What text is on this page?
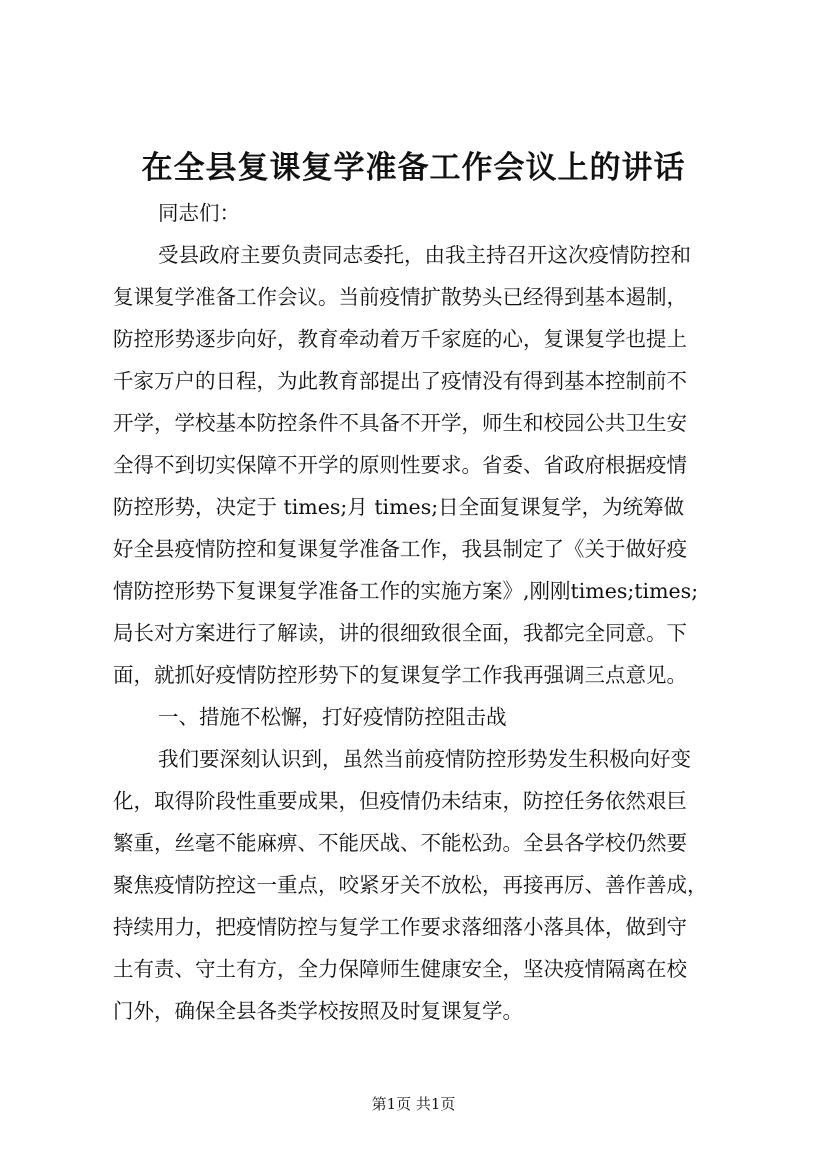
在全县复课复学准备工作会议上的讲话
同志们：
受县政府主要负责同志委托，由我主持召开这次疫情防控和
复课复学准备工作会议。当前疫情扩散势头已经得到基本遏制，
防控形势逐步向好，教育牵动着万千家庭的心，复课复学也提上
千家万户的日程，为此教育部提出了疫情没有得到基本控制前不
开学，学校基本防控条件不具备不开学，师生和校园公共卫生安
全得不到切实保障不开学的原则性要求。省委、省政府根据疫情
防控形势，决定于 times;月 times;日全面复课复学，为统筹做
好全县疫情防控和复课复学准备工作，我县制定了《关于做好疫
情防控形势下复课复学准备工作的实施方案》,刚刚times;times;
局长对方案进行了解读，讲的很细致很全面，我都完全同意。下
面，就抓好疫情防控形势下的复课复学工作我再强调三点意见。
一、措施不松懈，打好疫情防控阻击战
我们要深刻认识到，虽然当前疫情防控形势发生积极向好变
化，取得阶段性重要成果，但疫情仍未结束，防控任务依然艰巨
繁重，丝毫不能麻痹、不能厌战、不能松劲。全县各学校仍然要
聚焦疫情防控这一重点，咬紧牙关不放松，再接再厉、善作善成，
持续用力，把疫情防控与复学工作要求落细落小落具体，做到守
土有责、守土有方，全力保障师生健康安全，坚决疫情隔离在校
门外，确保全县各类学校按照及时复课复学。
第1页 共1页
